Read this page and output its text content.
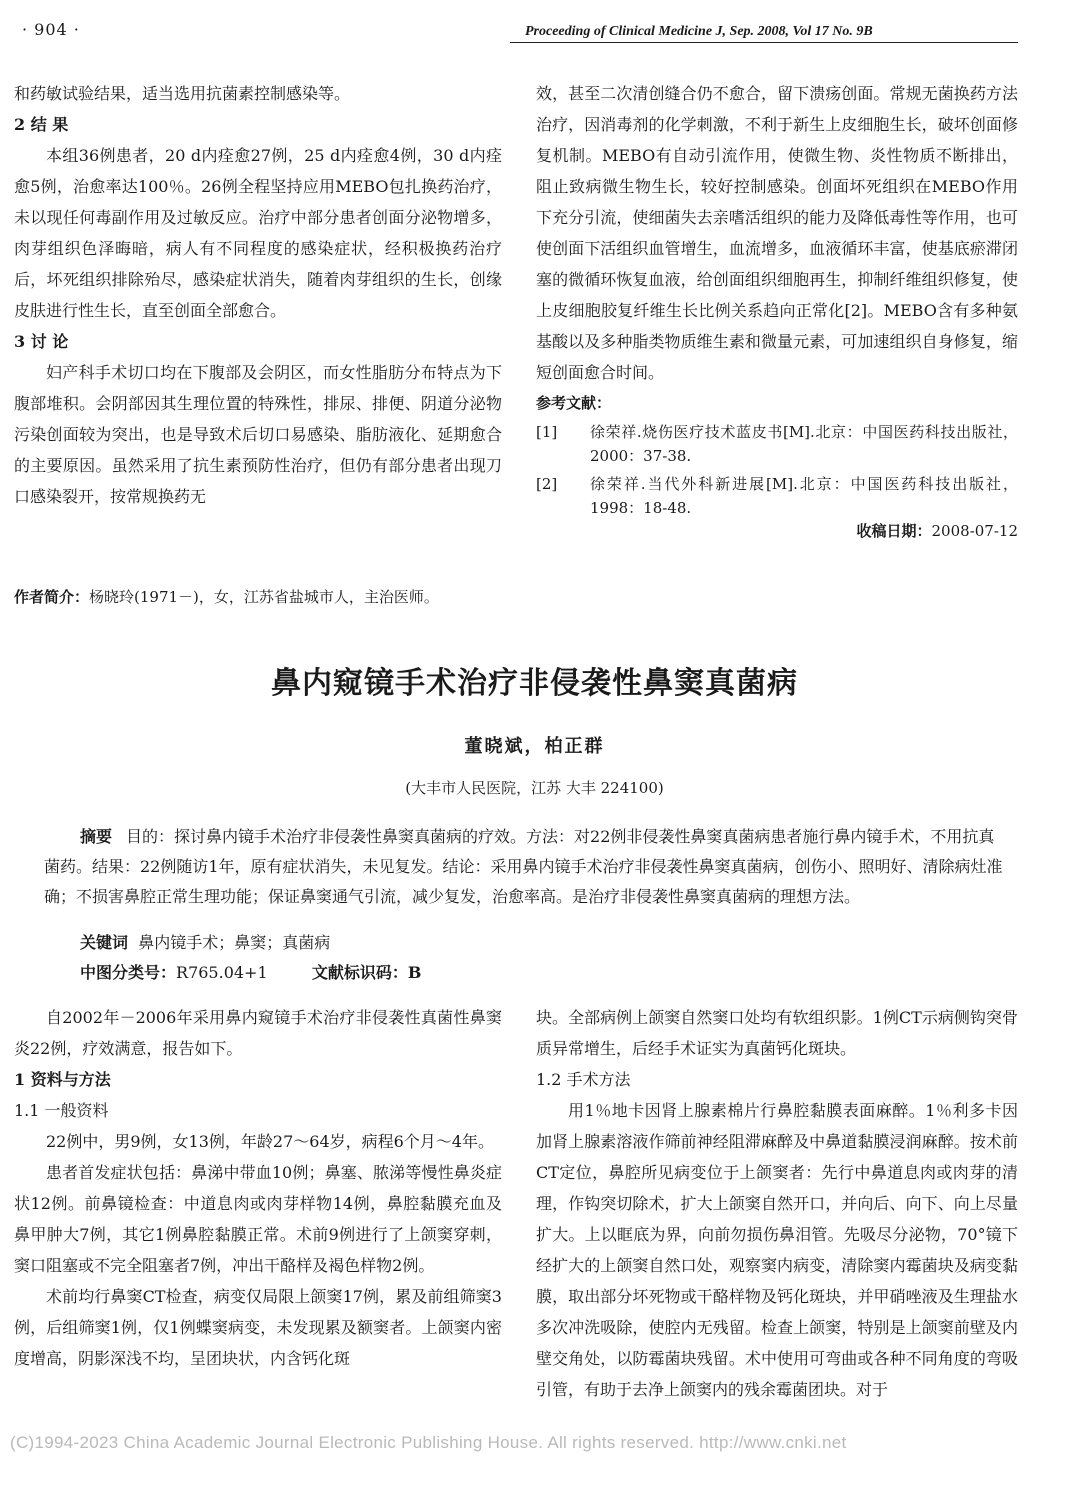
· 904 ·	Proceeding of Clinical Medicine J, Sep. 2008, Vol 17 No. 9B

和药敏试验结果，适当选用抗菌素控制感染等。

2 结 果

本组36例患者，20 d内痊愈27例，25 d内痊愈4例，30 d内痊愈5例，治愈率达100％。26例全程坚持应用MEBO包扎换药治疗，未以现任何毒副作用及过敏反应。治疗中部分患者创面分泌物增多，肉芽组织色泽晦暗，病人有不同程度的感染症状，经积极换药治疗后，坏死组织排除殆尽，感染症状消失，随着肉芽组织的生长，创缘皮肤进行性生长，直至创面全部愈合。

3 讨 论

妇产科手术切口均在下腹部及会阴区，而女性脂肪分布特点为下腹部堆积。会阴部因其生理位置的特殊性，排尿、排便、阴道分泌物污染创面较为突出，也是导致术后切口易感染、脂肪液化、延期愈合的主要原因。虽然采用了抗生素预防性治疗，但仍有部分患者出现刀口感染裂开，按常规换药无

效，甚至二次清创缝合仍不愈合，留下溃疡创面。常规无菌换药方法治疗，因消毒剂的化学刺激，不利于新生上皮细胞生长，破坏创面修复机制。MEBO有自动引流作用，使微生物、炎性物质不断排出，阻止致病微生物生长，较好控制感染。创面坏死组织在MEBO作用下充分引流，使细菌失去亲嗜活组织的能力及降低毒性等作用，也可使创面下活组织血管增生，血流增多，血液循环丰富，使基底瘀滞闭塞的微循环恢复血液，给创面组织细胞再生，抑制纤维组织修复，使上皮细胞胶复纤维生长比例关系趋向正常化[2]。MEBO含有多种氨基酸以及多种脂类物质维生素和微量元素，可加速组织自身修复，缩短创面愈合时间。

参考文献：

[1]	徐荣祥.烧伤医疗技术蓝皮书[M].北京：中国医药科技出版社，2000：37-38.
[2]	徐荣祥.当代外科新进展[M].北京：中国医药科技出版社，1998：18-48.
收稿日期：2008-07-12
作者简介：杨晓玲(1971－)，女，江苏省盐城市人，主治医师。
鼻内窥镜手术治疗非侵袭性鼻窦真菌病
董晓斌，柏正群
(大丰市人民医院，江苏 大丰 224100)
摘要 目的：探讨鼻内镜手术治疗非侵袭性鼻窦真菌病的疗效。方法：对22例非侵袭性鼻窦真菌病患者施行鼻内镜手术，不用抗真菌药。结果：22例随访1年，原有症状消失，未见复发。结论：采用鼻内镜手术治疗非侵袭性鼻窦真菌病，创伤小、照明好、清除病灶准确；不损害鼻腔正常生理功能；保证鼻窦通气引流，减少复发，治愈率高。是治疗非侵袭性鼻窦真菌病的理想方法。
关键词 鼻内镜手术；鼻窦；真菌病
中图分类号：R765.04+1	文献标识码：B

自2002年－2006年采用鼻内窥镜手术治疗非侵袭性真菌性鼻窦炎22例，疗效满意，报告如下。

1 资料与方法

1.1 一般资料

22例中，男9例，女13例，年龄27～64岁，病程6个月～4年。

患者首发症状包括：鼻涕中带血10例；鼻塞、脓涕等慢性鼻炎症状12例。前鼻镜检查：中道息肉或肉芽样物14例，鼻腔黏膜充血及鼻甲肿大7例，其它1例鼻腔黏膜正常。术前9例进行了上颌窦穿刺，窦口阻塞或不完全阻塞者7例，冲出干酪样及褐色样物2例。

术前均行鼻窦CT检查，病变仅局限上颌窦17例，累及前组筛窦3例，后组筛窦1例，仅1例蝶窦病变，未发现累及额窦者。上颌窦内密度增高，阴影深浅不均，呈团块状，内含钙化斑

块。全部病例上颌窦自然窦口处均有软组织影。1例CT示病侧钩突骨质异常增生，后经手术证实为真菌钙化斑块。

1.2 手术方法

用1％地卡因肾上腺素棉片行鼻腔黏膜表面麻醉。1％利多卡因加肾上腺素溶液作筛前神经阻滞麻醉及中鼻道黏膜浸润麻醉。按术前CT定位，鼻腔所见病变位于上颌窦者：先行中鼻道息肉或肉芽的清理，作钩突切除术，扩大上颌窦自然开口，并向后、向下、向上尽量扩大。上以眶底为界，向前勿损伤鼻泪管。先吸尽分泌物，70°镜下经扩大的上颌窦自然口处，观察窦内病变，清除窦内霉菌块及病变黏膜，取出部分坏死物或干酪样物及钙化斑块，并甲硝唑液及生理盐水多次冲洗吸除，使腔内无残留。检查上颌窦，特别是上颌窦前壁及内壁交角处，以防霉菌块残留。术中使用可弯曲或各种不同角度的弯吸引管，有助于去净上颌窦内的残余霉菌团块。对于

(C)1994-2023 China Academic Journal Electronic Publishing House. All rights reserved. http://www.cnki.net
